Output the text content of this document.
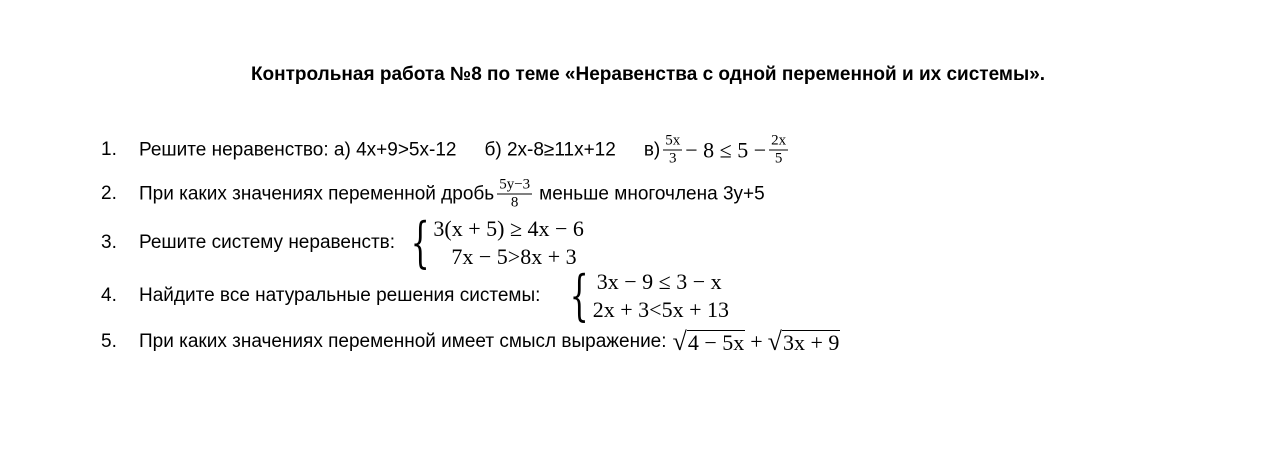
Контрольная работа №8 по теме «Неравенства с одной переменной и их системы».
1. Решите неравенство: а) 4х+9>5х-12 б) 2х-8≥11х+12 $в) \frac{5x}{3} - 8 \le 5 - \frac{2x}{5}$
2. При каких значениях переменной дробь $\frac{5y-3}{8}$ меньше многочлена 3у+5
3. Решите систему неравенств: { 3(x + 5) ≥ 4x − 6
7x − 5>8x + 3
4. Найдите все натуральные решения системы: { 3x − 9 ≤ 3 − x
2x + 3<5x + 13
5. При каких значениях переменной имеет смысл выражение: √ 4 − 5x + √ 3x + 9
